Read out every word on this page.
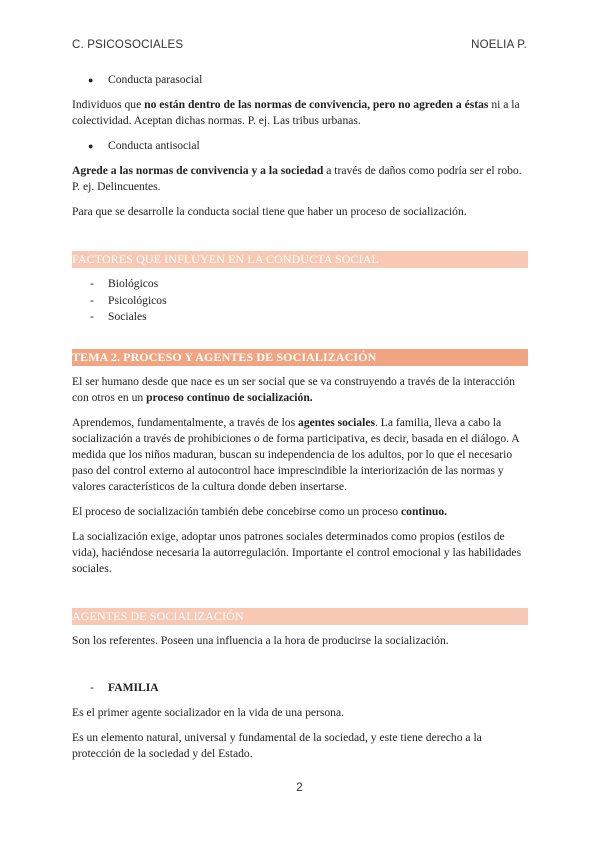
C. PSICOSOCIALES	NOELIA P.
●	Conducta parasocial

Individuos que no están dentro de las normas de convivencia, pero no agreden a éstas ni a la colectividad. Aceptan dichas normas. P. ej. Las tribus urbanas.

●	Conducta antisocial

Agrede a las normas de convivencia y a la sociedad a través de daños como podría ser el robo. P. ej. Delincuentes.

Para que se desarrolle la conducta social tiene que haber un proceso de socialización.

FACTORES QUE INFLUYEN EN LA CONDUCTA SOCIAL
-	Biológicos
-	Psicológicos
-	Sociales
TEMA 2. PROCESO Y AGENTES DE SOCIALIZACIÓN

El ser humano desde que nace es un ser social que se va construyendo a través de la interacción con otros en un proceso continuo de socialización.

Aprendemos, fundamentalmente, a través de los agentes sociales. La familia, lleva a cabo la socialización a través de prohibiciones o de forma participativa, es decir, basada en el diálogo. A medida que los niños maduran, buscan su independencia de los adultos, por lo que el necesario paso del control externo al autocontrol hace imprescindible la interiorización de las normas y valores característicos de la cultura donde deben insertarse.

El proceso de socialización también debe concebirse como un proceso continuo.

La socialización exige, adoptar unos patrones sociales determinados como propios (estilos de vida), haciéndose necesaria la autorregulación. Importante el control emocional y las habilidades sociales.

AGENTES DE SOCIALIZACIÓN

Son los referentes. Poseen una influencia a la hora de producirse la socialización.

-	FAMILIA

Es el primer agente socializador en la vida de una persona.

Es un elemento natural, universal y fundamental de la sociedad, y este tiene derecho a la protección de la sociedad y del Estado.

2
